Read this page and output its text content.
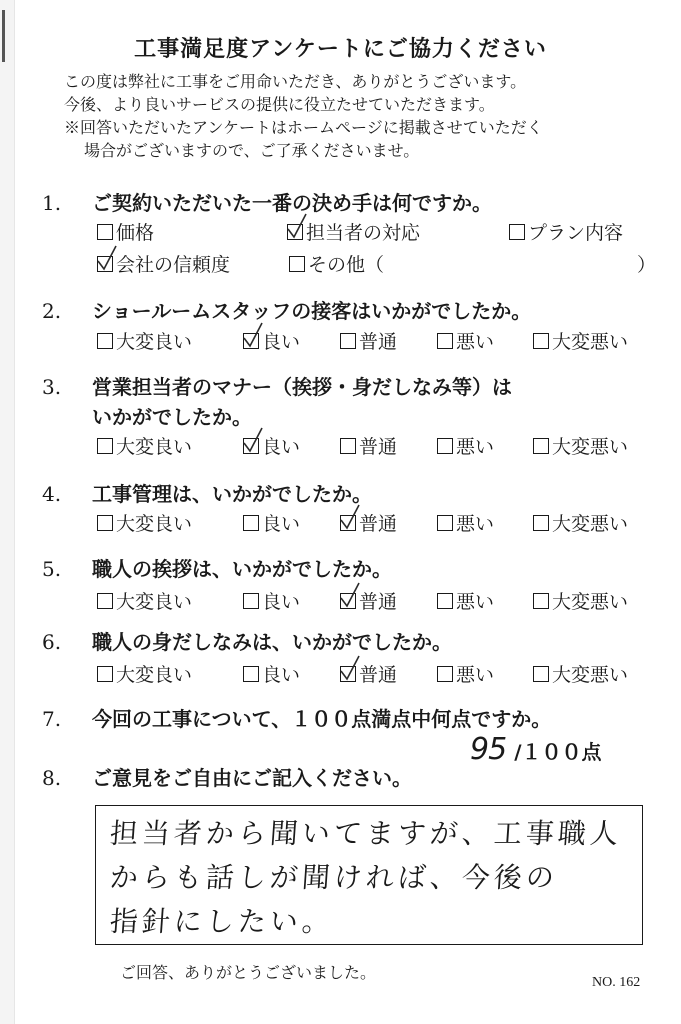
工事満足度アンケートにご協力ください
この度は弊社に工事をご用命いただき、ありがとうございます。
今後、より良いサービスの提供に役立たせていただきます。
※回答いただいたアンケートはホームページに掲載させていただく
場合がございますので、ご了承くださいませ。
1. ご契約いただいた一番の決め手は何ですか。
価格	担当者の対応	プラン内容
会社の信頼度	その他（	）
2. ショールームスタッフの接客はいかがでしたか。
大変良い	良い	普通	悪い	大変悪い
3. 営業担当者のマナー（挨拶・身だしなみ等）は
いかがでしたか。
大変良い	良い	普通	悪い	大変悪い
4. 工事管理は、いかがでしたか。
大変良い	良い	普通	悪い	大変悪い
5. 職人の挨拶は、いかがでしたか。
大変良い	良い	普通	悪い	大変悪い
6. 職人の身だしなみは、いかがでしたか。
大変良い	良い	普通	悪い	大変悪い
7. 今回の工事について、１００点満点中何点ですか。
95 /１００点
8. ご意見をご自由にご記入ください。
担当者から聞いてますが、工事職人
からも話しが聞ければ、今後の
指針にしたい。
ご回答、ありがとうございました。
NO. 162
